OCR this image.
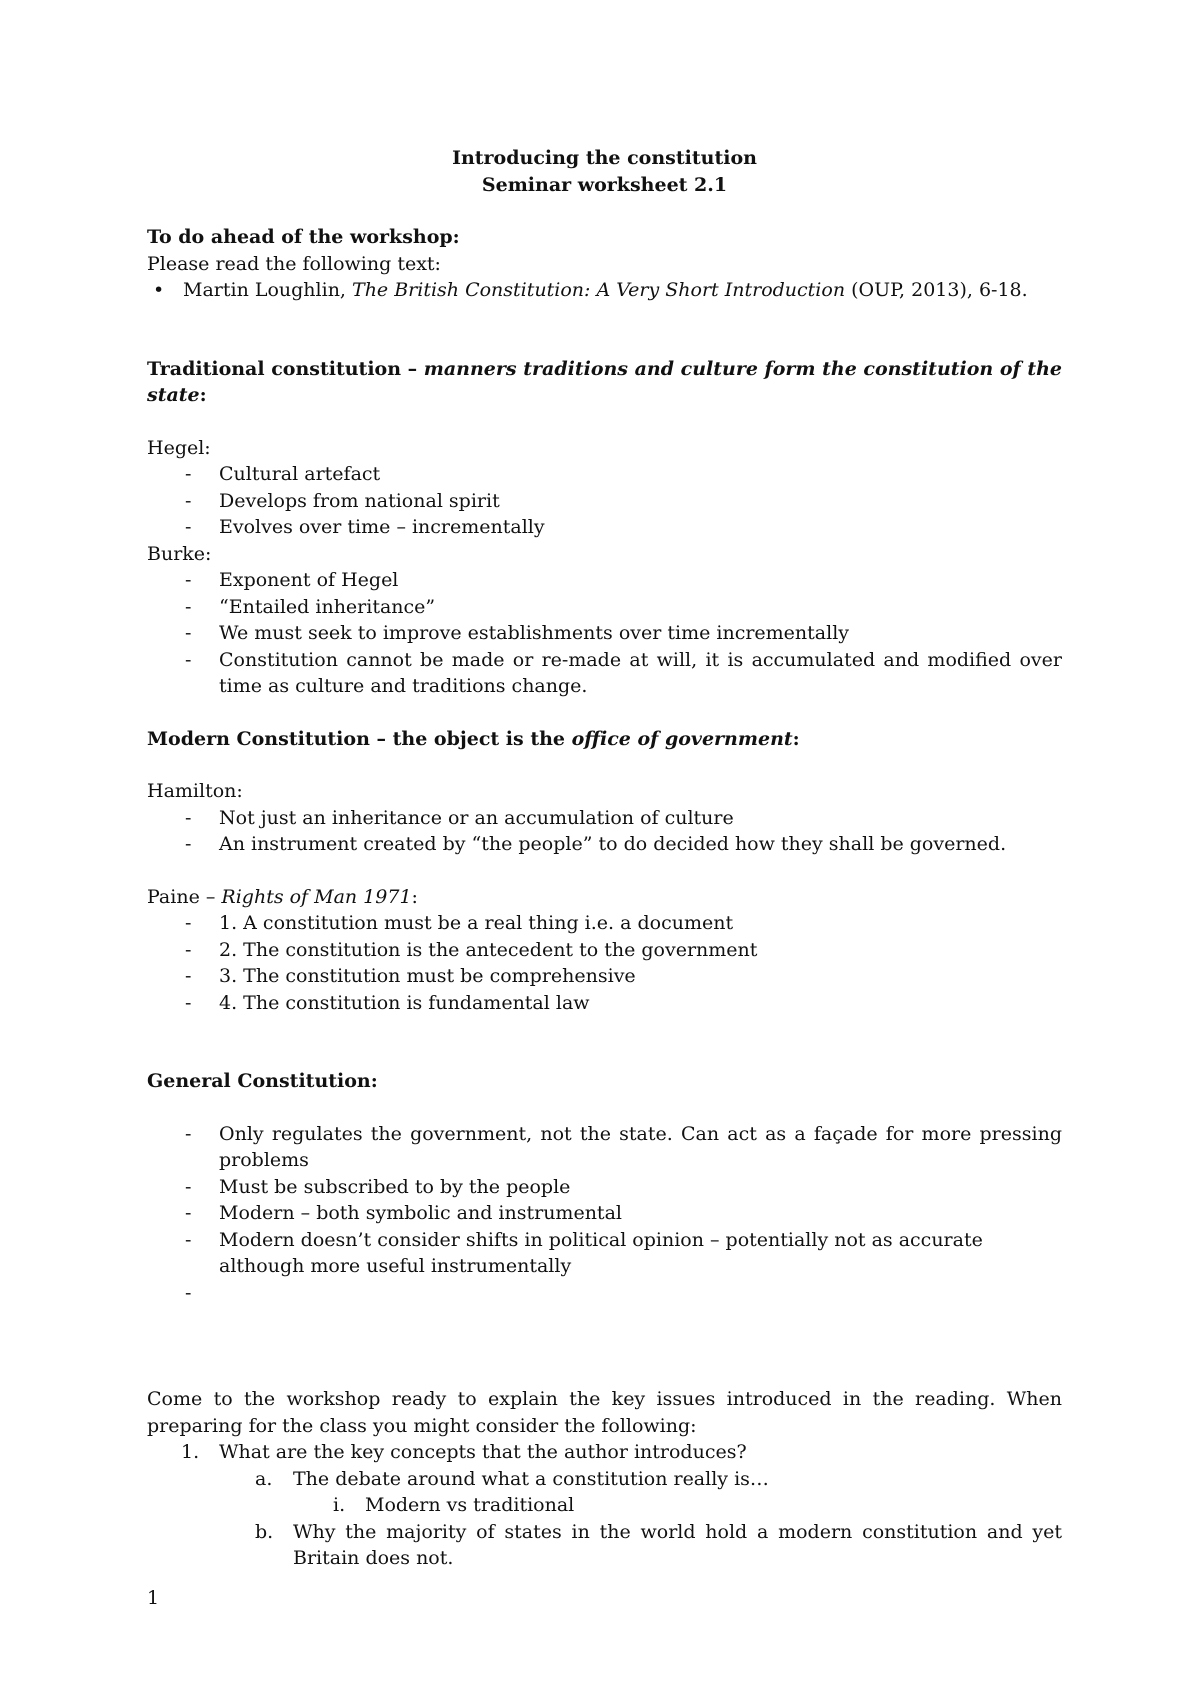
Introducing the constitution
Seminar worksheet 2.1
To do ahead of the workshop:
Please read the following text:
• Martin Loughlin, The British Constitution: A Very Short Introduction (OUP, 2013), 6-18.
Traditional constitution – manners traditions and culture form the constitution of the state:
Hegel:
- Cultural artefact
- Develops from national spirit
- Evolves over time – incrementally
Burke:
- Exponent of Hegel
- “Entailed inheritance”
- We must seek to improve establishments over time incrementally
- Constitution cannot be made or re-made at will, it is accumulated and modified over time as culture and traditions change.
Modern Constitution – the object is the office of government:
Hamilton:
- Not just an inheritance or an accumulation of culture
- An instrument created by “the people” to do decided how they shall be governed.
Paine – Rights of Man 1971:
- 1. A constitution must be a real thing i.e. a document
- 2. The constitution is the antecedent to the government
- 3. The constitution must be comprehensive
- 4. The constitution is fundamental law
General Constitution:
- Only regulates the government, not the state. Can act as a façade for more pressing problems
- Must be subscribed to by the people
- Modern – both symbolic and instrumental
- Modern doesn’t consider shifts in political opinion – potentially not as accurate although more useful instrumentally
-

Come to the workshop ready to explain the key issues introduced in the reading. When preparing for the class you might consider the following:
1. What are the key concepts that the author introduces?
a. The debate around what a constitution really is…
i. Modern vs traditional
b. Why the majority of states in the world hold a modern constitution and yet Britain does not.
1
